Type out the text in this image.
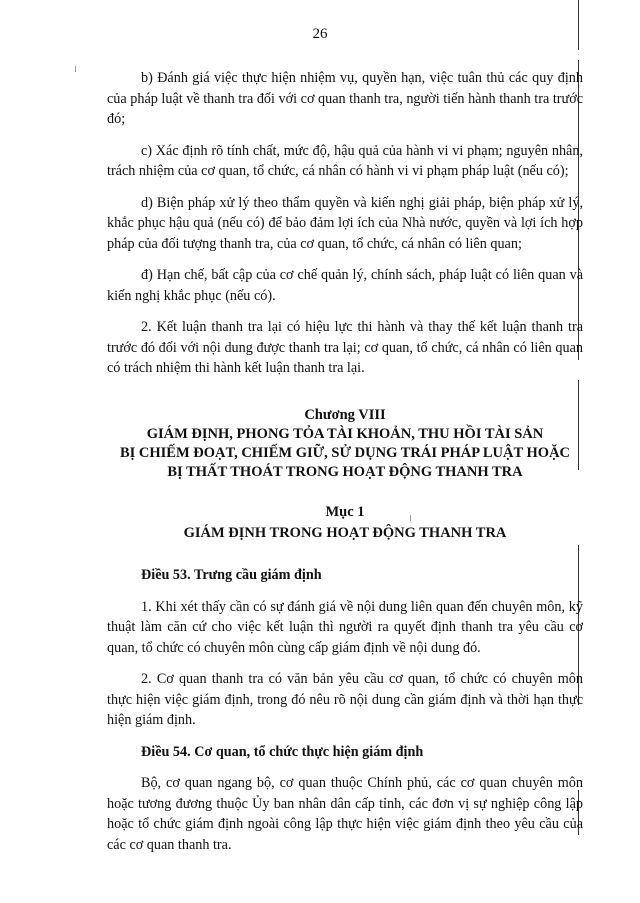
26

b) Đánh giá việc thực hiện nhiệm vụ, quyền hạn, việc tuân thủ các quy định của pháp luật về thanh tra đối với cơ quan thanh tra, người tiến hành thanh tra trước đó;

c) Xác định rõ tính chất, mức độ, hậu quả của hành vi vi phạm; nguyên nhân, trách nhiệm của cơ quan, tổ chức, cá nhân có hành vi vi phạm pháp luật (nếu có);

d) Biện pháp xử lý theo thẩm quyền và kiến nghị giải pháp, biện pháp xử lý, khắc phục hậu quả (nếu có) để bảo đảm lợi ích của Nhà nước, quyền và lợi ích hợp pháp của đối tượng thanh tra, của cơ quan, tổ chức, cá nhân có liên quan;

đ) Hạn chế, bất cập của cơ chế quản lý, chính sách, pháp luật có liên quan và kiến nghị khắc phục (nếu có).

2. Kết luận thanh tra lại có hiệu lực thi hành và thay thế kết luận thanh tra trước đó đối với nội dung được thanh tra lại; cơ quan, tổ chức, cá nhân có liên quan có trách nhiệm thi hành kết luận thanh tra lại.

Chương VIII

GIÁM ĐỊNH, PHONG TỎA TÀI KHOẢN, THU HỒI TÀI SẢN

BỊ CHIẾM ĐOẠT, CHIẾM GIỮ, SỬ DỤNG TRÁI PHÁP LUẬT HOẶC

BỊ THẤT THOÁT TRONG HOẠT ĐỘNG THANH TRA

Mục 1

GIÁM ĐỊNH TRONG HOẠT ĐỘNG THANH TRA

Điều 53. Trưng cầu giám định

1. Khi xét thấy cần có sự đánh giá về nội dung liên quan đến chuyên môn, kỹ thuật làm căn cứ cho việc kết luận thì người ra quyết định thanh tra yêu cầu cơ quan, tổ chức có chuyên môn cùng cấp giám định về nội dung đó.

2. Cơ quan thanh tra có văn bản yêu cầu cơ quan, tổ chức có chuyên môn thực hiện việc giám định, trong đó nêu rõ nội dung cần giám định và thời hạn thực hiện giám định.

Điều 54. Cơ quan, tổ chức thực hiện giám định

Bộ, cơ quan ngang bộ, cơ quan thuộc Chính phủ, các cơ quan chuyên môn hoặc tương đương thuộc Ủy ban nhân dân cấp tỉnh, các đơn vị sự nghiệp công lập hoặc tổ chức giám định ngoài công lập thực hiện việc giám định theo yêu cầu của các cơ quan thanh tra.
